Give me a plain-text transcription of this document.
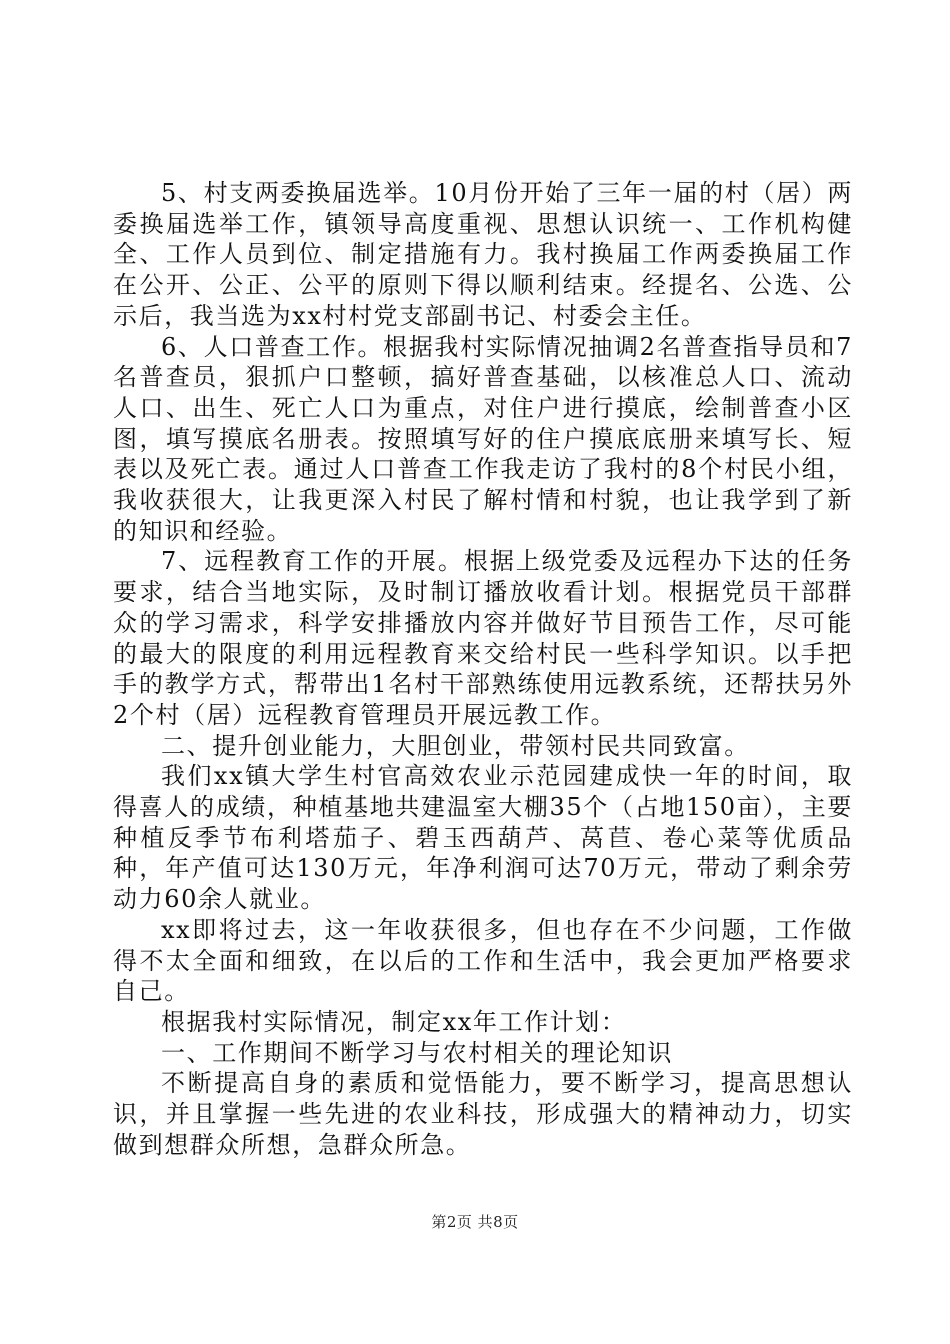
5、村支两委换届选举。10月份开始了三年一届的村（居）两委换届选举工作，镇领导高度重视、思想认识统一、工作机构健全、工作人员到位、制定措施有力。我村换届工作两委换届工作在公开、公正、公平的原则下得以顺利结束。经提名、公选、公示后，我当选为xx村村党支部副书记、村委会主任。

6、人口普查工作。根据我村实际情况抽调2名普查指导员和7名普查员，狠抓户口整顿，搞好普查基础，以核准总人口、流动人口、出生、死亡人口为重点，对住户进行摸底，绘制普查小区图，填写摸底名册表。按照填写好的住户摸底底册来填写长、短表以及死亡表。通过人口普查工作我走访了我村的8个村民小组，我收获很大，让我更深入村民了解村情和村貌，也让我学到了新的知识和经验。

7、远程教育工作的开展。根据上级党委及远程办下达的任务要求，结合当地实际，及时制订播放收看计划。根据党员干部群众的学习需求，科学安排播放内容并做好节目预告工作，尽可能的最大的限度的利用远程教育来交给村民一些科学知识。以手把手的教学方式，帮带出1名村干部熟练使用远教系统，还帮扶另外2个村（居）远程教育管理员开展远教工作。

二、提升创业能力，大胆创业，带领村民共同致富。

我们xx镇大学生村官高效农业示范园建成快一年的时间，取得喜人的成绩，种植基地共建温室大棚35个（占地150亩），主要种植反季节布利塔茄子、碧玉西葫芦、莴苣、卷心菜等优质品种，年产值可达130万元，年净利润可达70万元，带动了剩余劳动力60余人就业。

xx即将过去，这一年收获很多，但也存在不少问题，工作做得不太全面和细致，在以后的工作和生活中，我会更加严格要求自己。

根据我村实际情况，制定xx年工作计划：

一、工作期间不断学习与农村相关的理论知识

不断提高自身的素质和觉悟能力，要不断学习，提高思想认识，并且掌握一些先进的农业科技，形成强大的精神动力，切实做到想群众所想，急群众所急。

第2页 共8页
